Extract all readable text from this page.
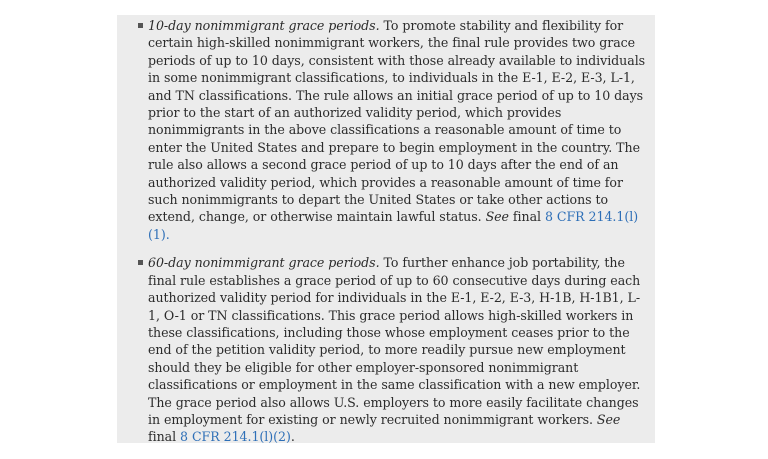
10-day nonimmigrant grace periods. To promote stability and flexibility for certain high-skilled nonimmigrant workers, the final rule provides two grace periods of up to 10 days, consistent with those already available to individuals in some nonimmigrant classifications, to individuals in the E-1, E-2, E-3, L-1, and TN classifications. The rule allows an initial grace period of up to 10 days prior to the start of an authorized validity period, which provides nonimmigrants in the above classifications a reasonable amount of time to enter the United States and prepare to begin employment in the country. The rule also allows a second grace period of up to 10 days after the end of an authorized validity period, which provides a reasonable amount of time for such nonimmigrants to depart the United States or take other actions to extend, change, or otherwise maintain lawful status. See final 8 CFR 214.1(l)(1).
60-day nonimmigrant grace periods. To further enhance job portability, the final rule establishes a grace period of up to 60 consecutive days during each authorized validity period for individuals in the E-1, E-2, E-3, H-1B, H-1B1, L-1, O-1 or TN classifications. This grace period allows high-skilled workers in these classifications, including those whose employment ceases prior to the end of the petition validity period, to more readily pursue new employment should they be eligible for other employer-sponsored nonimmigrant classifications or employment in the same classification with a new employer. The grace period also allows U.S. employers to more easily facilitate changes in employment for existing or newly recruited nonimmigrant workers. See final 8 CFR 214.1(l)(2).
